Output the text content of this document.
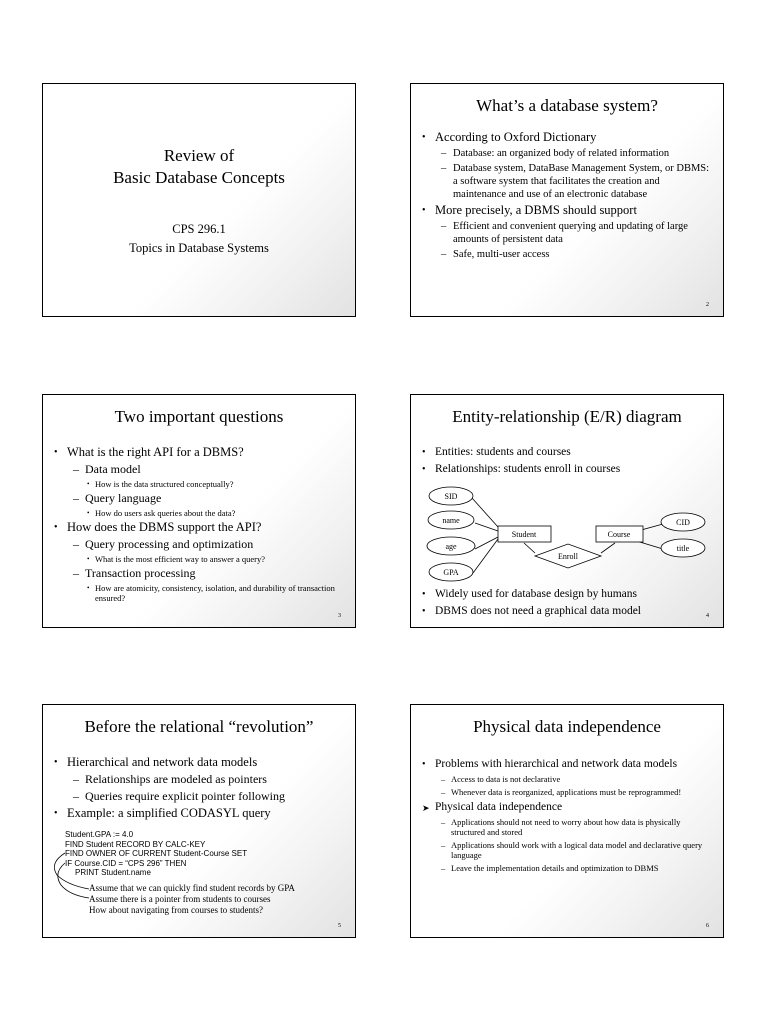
Review of
Basic Database Concepts
CPS 296.1
Topics in Database Systems
What’s a database system?
• According to Oxford Dictionary
– Database: an organized body of related information
– Database system, DataBase Management System, or DBMS: a software system that facilitates the creation and maintenance and use of an electronic database
• More precisely, a DBMS should support
– Efficient and convenient querying and updating of large amounts of persistent data
– Safe, multi-user access
2
Two important questions
• What is the right API for a DBMS?
– Data model
• How is the data structured conceptually?
– Query language
• How do users ask queries about the data?
• How does the DBMS support the API?
– Query processing and optimization
• What is the most efficient way to answer a query?
– Transaction processing
• How are atomicity, consistency, isolation, and durability of transaction ensured?
3
Entity-relationship (E/R) diagram
• Entities: students and courses
• Relationships: students enroll in courses
Student	Course
Enroll
SID
name
age
GPA
CID
title
• Widely used for database design by humans
• DBMS does not need a graphical data model	4
Before the relational “revolution”
• Hierarchical and network data models
– Relationships are modeled as pointers
– Queries require explicit pointer following
• Example: a simplified CODASYL query
Student.GPA := 4.0
FIND Student RECORD BY CALC-KEY
FIND OWNER OF CURRENT Student-Course SET
IF Course.CID = “CPS 296” THEN
PRINT Student.name
Assume that we can quickly find student records by GPA
Assume there is a pointer from students to courses
How about navigating from courses to students?
5
Physical data independence
• Problems with hierarchical and network data models
– Access to data is not declarative
– Whenever data is reorganized, applications must be reprogrammed!
➤ Physical data independence
– Applications should not need to worry about how data is physically structured and stored
– Applications should work with a logical data model and declarative query language
– Leave the implementation details and optimization to DBMS
6
